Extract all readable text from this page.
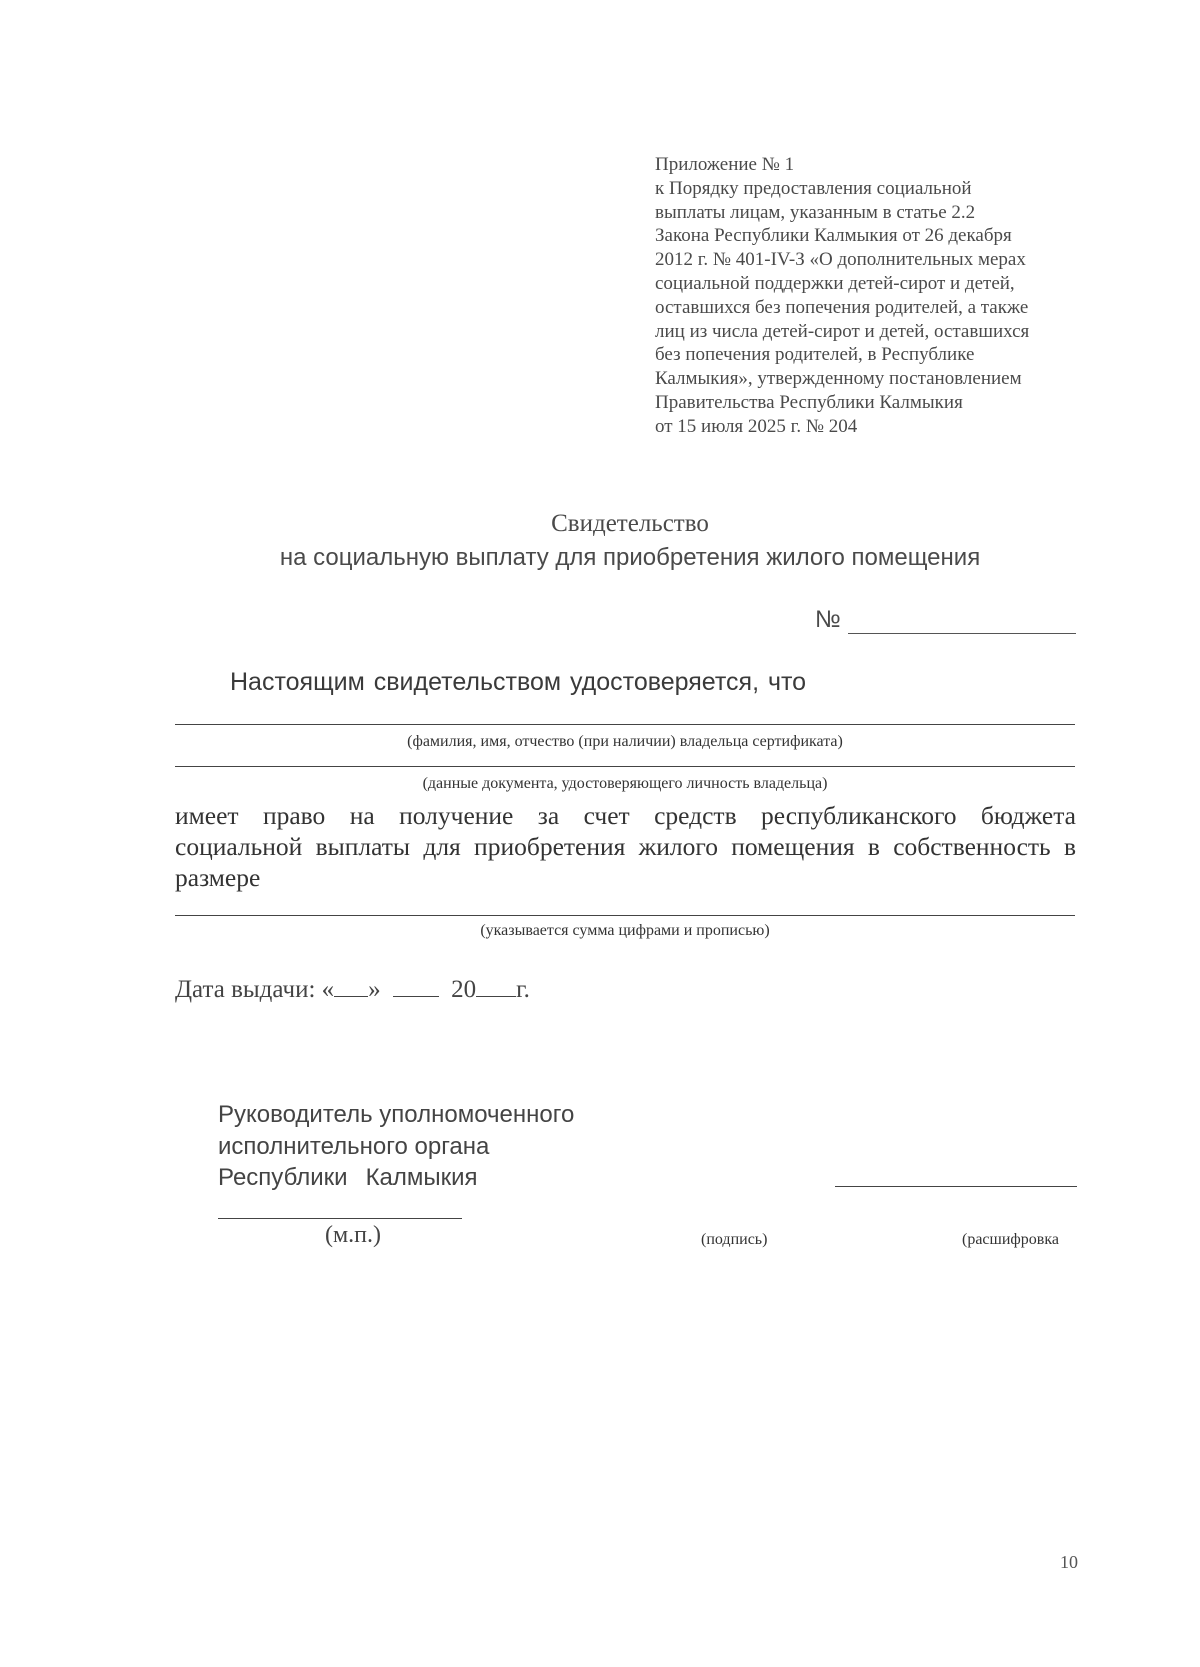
Приложение № 1
к Порядку предоставления социальной
выплаты лицам, указанным в статье 2.2
Закона Республики Калмыкия от 26 декабря
2012 г. № 401-IV-З «О дополнительных мерах
социальной поддержки детей-сирот и детей,
оставшихся без попечения родителей, а также
лиц из числа детей-сирот и детей, оставшихся
без попечения родителей, в Республике
Калмыкия», утвержденному постановлением
Правительства Республики Калмыкия
от 15 июля 2025 г. № 204
Свидетельство
на социальную выплату для приобретения жилого помещения
№
Настоящим свидетельством удостоверяется, что
(фамилия, имя, отчество (при наличии) владельца сертификата)
(данные документа, удостоверяющего личность владельца)
имеет право на получение за счет средств республиканского бюджета
социальной выплаты для приобретения жилого помещения в собственность в
размере
(указывается сумма цифрами и прописью)
Дата выдачи: « »	20 г.
Руководитель уполномоченного
исполнительного органа
Республики Калмыкия
(м.п.)	(подпись)	(расшифровка
10
